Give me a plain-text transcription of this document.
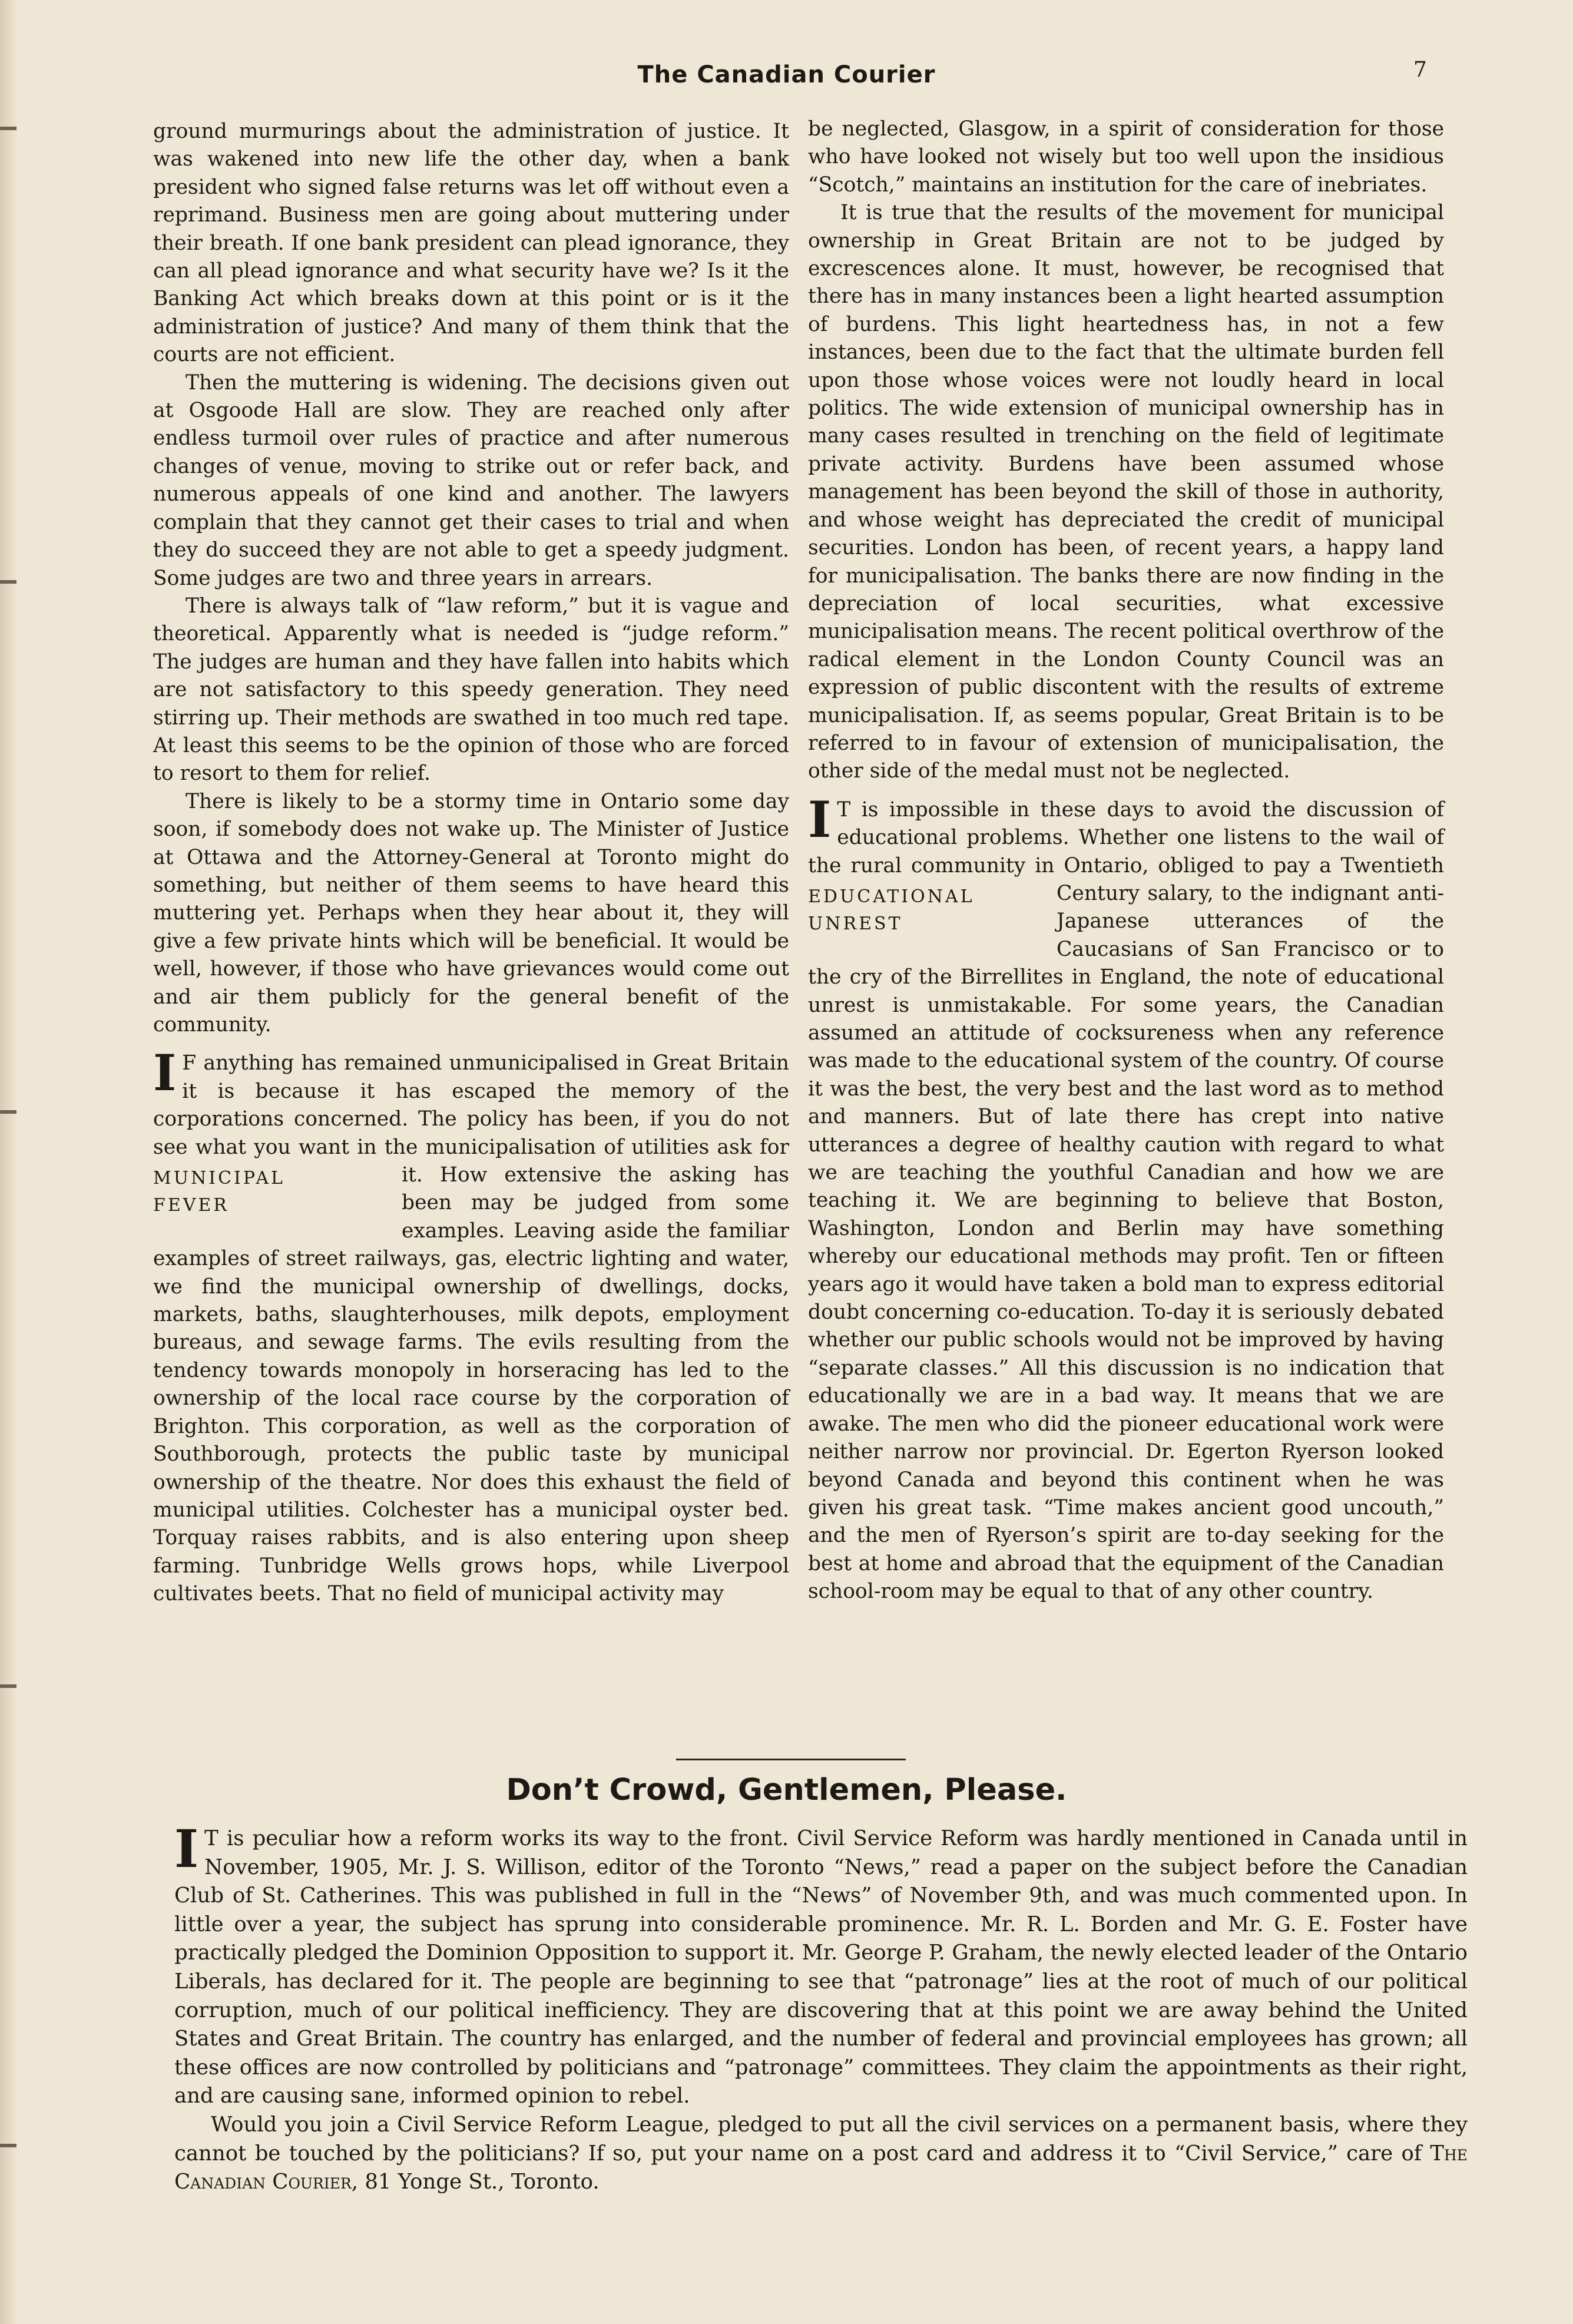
The Canadian Courier	7

ground murmurings about the administration of justice. It was wakened into new life the other day, when a bank president who signed false returns was let off without even a reprimand. Business men are going about muttering under their breath. If one bank president can plead ignorance, they can all plead ignorance and what security have we? Is it the Banking Act which breaks down at this point or is it the administration of justice? And many of them think that the courts are not efficient.

Then the muttering is widening. The decisions given out at Osgoode Hall are slow. They are reached only after endless turmoil over rules of practice and after numerous changes of venue, moving to strike out or refer back, and numerous appeals of one kind and another. The lawyers complain that they cannot get their cases to trial and when they do succeed they are not able to get a speedy judgment. Some judges are two and three years in arrears.

There is always talk of “law reform,” but it is vague and theoretical. Apparently what is needed is “judge reform.” The judges are human and they have fallen into habits which are not satisfactory to this speedy generation. They need stirring up. Their methods are swathed in too much red tape. At least this seems to be the opinion of those who are forced to resort to them for relief.

There is likely to be a stormy time in Ontario some day soon, if somebody does not wake up. The Minister of Justice at Ottawa and the Attorney-General at Toronto might do something, but neither of them seems to have heard this muttering yet. Perhaps when they hear about it, they will give a few private hints which will be beneficial. It would be well, however, if those who have grievances would come out and air them publicly for the general benefit of the community.

I F anything has remained unmunicipalised in Great Britain it is because it has escaped the memory of the corporations concerned. The policy has been, if you do not see what you want in the municipalisation of utilities ask for it.
MUNICIPAL
FEVER
How extensive the asking has been may be judged from some examples. Leaving aside the familiar examples of street railways, gas, electric lighting and water, we find the municipal ownership of dwellings, docks, markets, baths, slaughterhouses, milk depots, employment bureaus, and sewage farms. The evils resulting from the tendency towards monopoly in horseracing has led to the ownership of the local race course by the corporation of Brighton. This corporation, as well as the corporation of Southborough, protects the public taste by municipal ownership of the theatre. Nor does this exhaust the field of municipal utilities. Colchester has a municipal oyster bed. Torquay raises rabbits, and is also entering upon sheep farming. Tunbridge Wells grows hops, while Liverpool cultivates beets. That no field of municipal activity may

be neglected, Glasgow, in a spirit of consideration for those who have looked not wisely but too well upon the insidious “Scotch,” maintains an institution for the care of inebriates.

It is true that the results of the movement for municipal ownership in Great Britain are not to be judged by excrescences alone. It must, however, be recognised that there has in many instances been a light hearted assumption of burdens. This light heartedness has, in not a few instances, been due to the fact that the ultimate burden fell upon those whose voices were not loudly heard in local politics. The wide extension of municipal ownership has in many cases resulted in trenching on the field of legitimate private activity. Burdens have been assumed whose management has been beyond the skill of those in authority, and whose weight has depreciated the credit of municipal securities. London has been, of recent years, a happy land for municipalisation. The banks there are now finding in the depreciation of local securities, what excessive municipalisation means. The recent political overthrow of the radical element in the London County Council was an expression of public discontent with the results of extreme municipalisation. If, as seems popular, Great Britain is to be referred to in favour of extension of municipalisation, the other side of the medal must not be neglected.

I T is impossible in these days to avoid the discussion of educational problems. Whether one listens to the wail of the rural community in Ontario, obliged to pay a Twentieth Century salary, to the indignant anti-
EDUCATIONAL
UNREST	Japanese utterances of the Caucasians of San Francisco or to the cry of the Birrellites in England, the note of educational unrest is unmistakable. For some years, the Canadian assumed an attitude of cocksureness when any reference was made to the educational system of the country. Of course it was the best, the very best and the last word as to method and manners. But of late there has crept into native utterances a degree of healthy caution with regard to what we are teaching the youthful Canadian and how we are teaching it. We are beginning to believe that Boston, Washington, London and Berlin may have something whereby our educational methods may profit. Ten or fifteen years ago it would have taken a bold man to express editorial doubt concerning co-education. To-day it is seriously debated whether our public schools would not be improved by having “separate classes.” All this discussion is no indication that educationally we are in a bad way. It means that we are awake. The men who did the pioneer educational work were neither narrow nor provincial. Dr. Egerton Ryerson looked beyond Canada and beyond this continent when he was given his great task. “Time makes ancient good uncouth,” and the men of Ryerson’s spirit are to-day seeking for the best at home and abroad that the equipment of the Canadian school-room may be equal to that of any other country.

Don’t Crowd, Gentlemen, Please.

I T is peculiar how a reform works its way to the front. Civil Service Reform was hardly mentioned in Canada until in November, 1905, Mr. J. S. Willison, editor of the Toronto “News,” read a paper on the subject before the Canadian Club of St. Catherines. This was published in full in the “News” of November 9th, and was much commented upon. In little over a year, the subject has sprung into considerable prominence. Mr. R. L. Borden and Mr. G. E. Foster have practically pledged the Dominion Opposition to support it. Mr. George P. Graham, the newly elected leader of the Ontario Liberals, has declared for it. The people are beginning to see that “patronage” lies at the root of much of our political corruption, much of our political inefficiency. They are discovering that at this point we are away behind the United States and Great Britain. The country has enlarged, and the number of federal and provincial employees has grown; all these offices are now controlled by politicians and “patronage” committees. They claim the appointments as their right, and are causing sane, informed opinion to rebel.

Would you join a Civil Service Reform League, pledged to put all the civil services on a permanent basis, where they cannot be touched by the politicians? If so, put your name on a post card and address it to “Civil Service,” care of The Canadian Courier, 81 Yonge St., Toronto.
